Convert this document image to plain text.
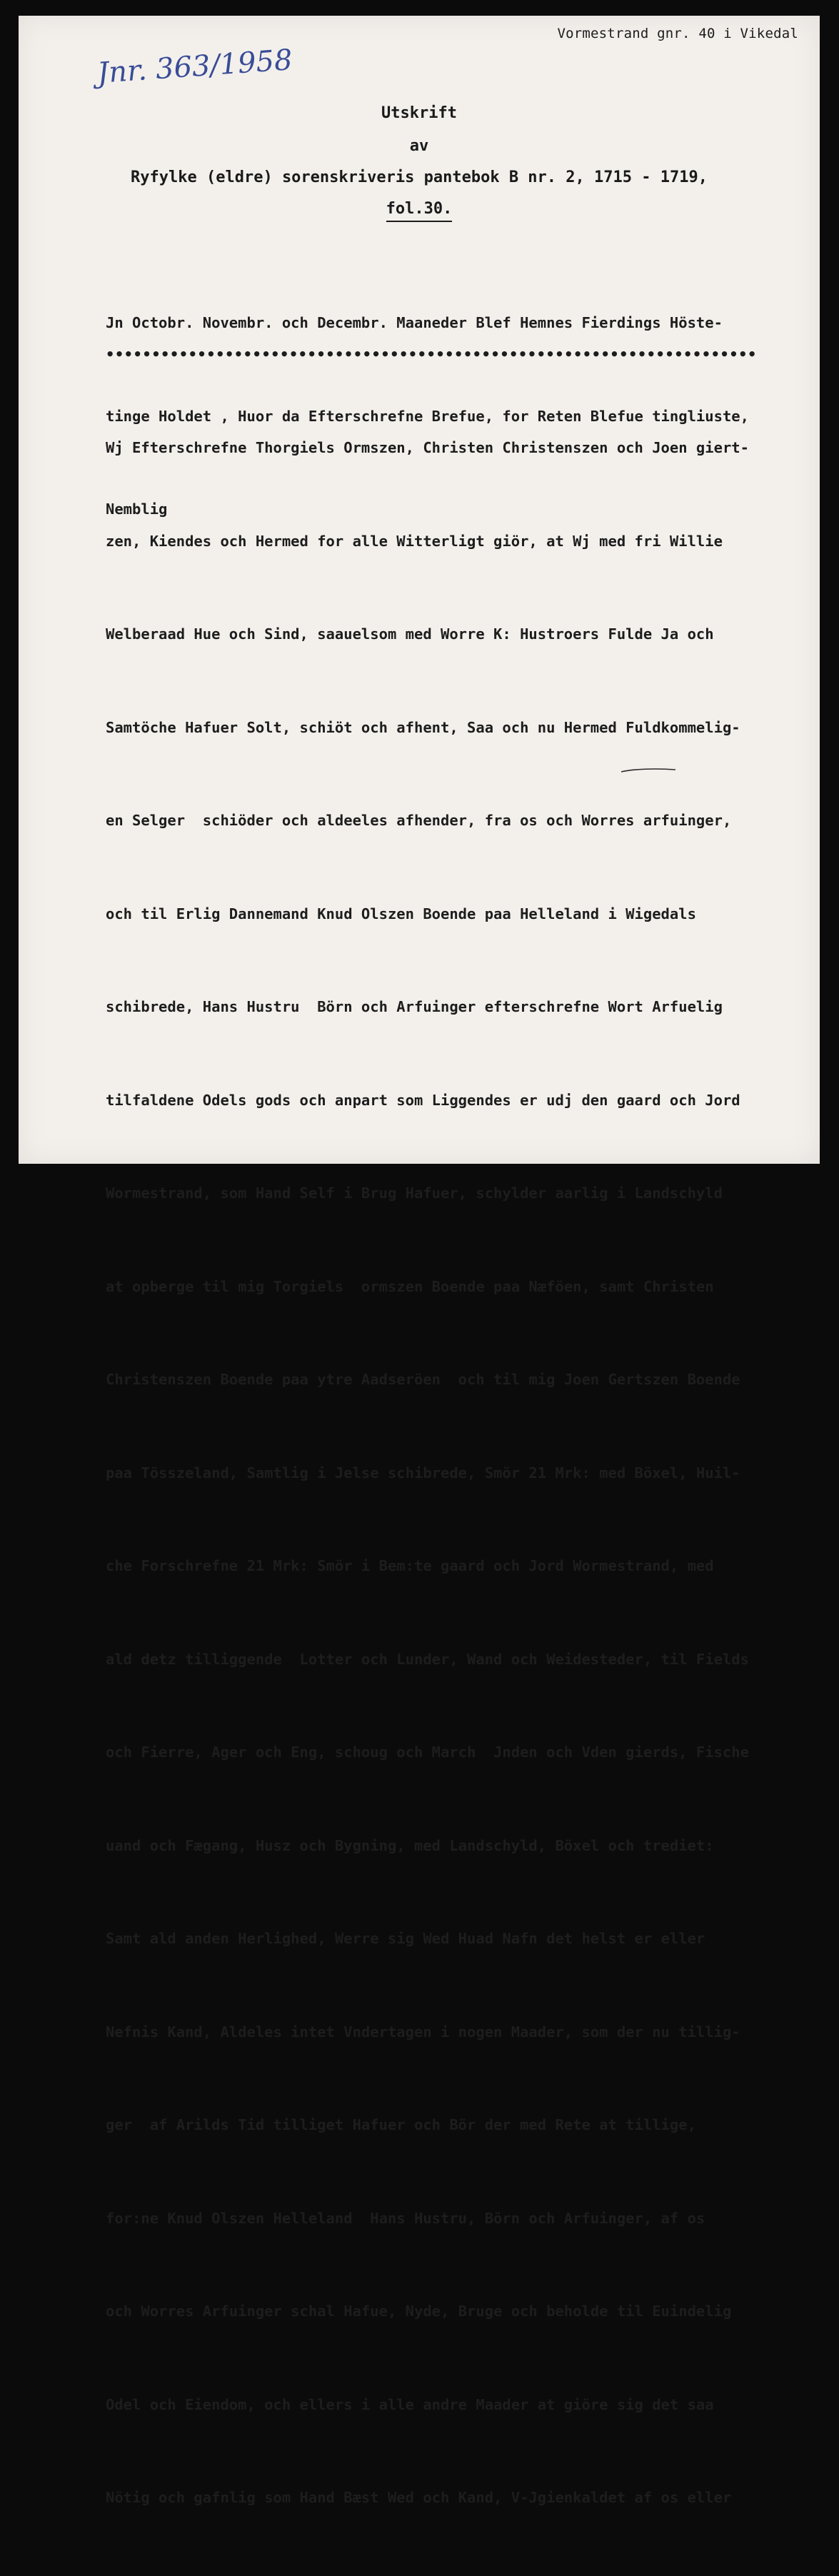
Vormestrand gnr. 40 i Vikedal
Jnr. 363/1958
Utskrift
av
Ryfylke (eldre) sorenskriveris pantebok B nr. 2, 1715 - 1719,
fol.30.

Jn Octobr. Novembr. och Decembr. Maaneder Blef Hemnes Fierdings Höste-

tinge Holdet , Huor da Efterschrefne Brefue, for Reten Blefue tingliuste,

Nemblig

•••••••••••••••••••••••••••••••••••••••••••••••••••••••••••••••••••••••

Wj Efterschrefne Thorgiels Ormszen, Christen Christenszen och Joen giert-

zen, Kiendes och Hermed for alle Witterligt giör, at Wj med fri Willie

Welberaad Hue och Sind, saauelsom med Worre K: Hustroers Fulde Ja och

Samtöche Hafuer Solt, schiöt och afhent, Saa och nu Hermed Fuldkommelig-

en Selger  schiöder och aldeeles afhender, fra os och Worres arfuinger,

och til Erlig Dannemand Knud Olszen Boende paa Helleland i Wigedals

schibrede, Hans Hustru  Börn och Arfuinger efterschrefne Wort Arfuelig

tilfaldene Odels gods och anpart som Liggendes er udj den gaard och Jord

Wormestrand, som Hand Self i Brug Hafuer, schylder aarlig i Landschyld

at opberge til mig Torgiels  ormszen Boende paa Næföen, samt Christen

Christenszen Boende paa ytre Aadseröen  och til mig Joen Gertszen Boende

paa Tösszeland, Samtlig i Jelse schibrede, Smör 21 Mrk: med Böxel, Huil-

che Forschrefne 21 Mrk: Smör i Bem:te gaard och Jord Wormestrand, med

ald detz tilliggende  Lotter och Lunder, Wand och Weidesteder, til Fields

och Fierre, Ager och Eng, schoug och March  Jnden och Vden gierds, Fische

uand och Fægang, Husz och Bygning, med Landschyld, Böxel och trediet:

Samt ald anden Herlighed, Werre sig Wed Huad Nafn det helst er eller

Nefnis Kand, Aldeles intet Vndertagen i nogen Maader, som der nu tillig-

ger  af Arilds Tid tilliget Hafuer och Bör der med Rete at tillige,

for:ne Knud Olszen Helleland  Hans Hustru, Börn och Arfuinger, af os

och Worres Arfuinger schal Hafue, Nyde, Bruge och beholde til Euindelig

Odel och Eiendom, och ellers i alle andre Maader at giöre sig det saa

Nötig och gafnlig som Hand Bæst Wed och Kand, V-Jgienkaldet af os eller
